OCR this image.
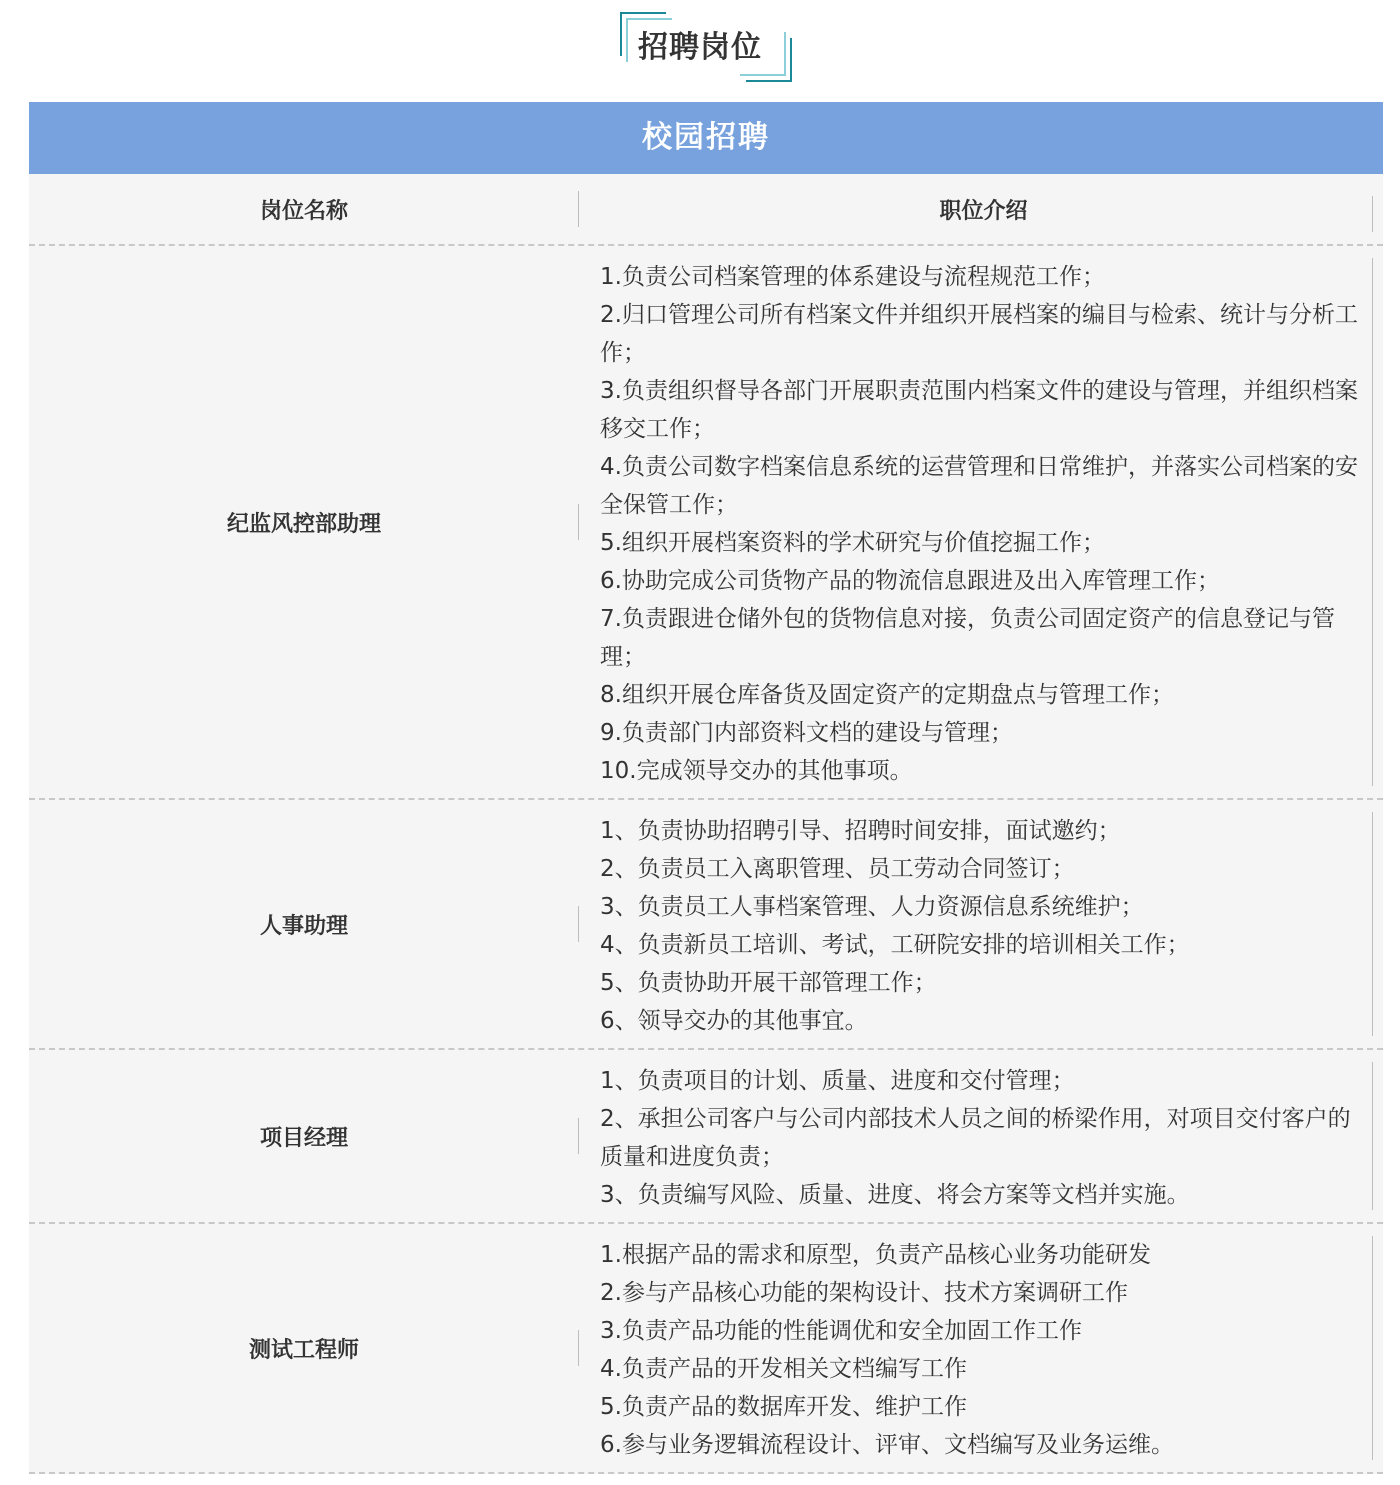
招聘岗位
校园招聘
岗位名称	职位介绍
纪监风控部助理
1.负责公司档案管理的体系建设与流程规范工作；
2.归口管理公司所有档案文件并组织开展档案的编目与检索、统计与分析工作；
3.负责组织督导各部门开展职责范围内档案文件的建设与管理，并组织档案移交工作；
4.负责公司数字档案信息系统的运营管理和日常维护，并落实公司档案的安全保管工作；
5.组织开展档案资料的学术研究与价值挖掘工作；
6.协助完成公司货物产品的物流信息跟进及出入库管理工作；
7.负责跟进仓储外包的货物信息对接，负责公司固定资产的信息登记与管理；
8.组织开展仓库备货及固定资产的定期盘点与管理工作；
9.负责部门内部资料文档的建设与管理；
10.完成领导交办的其他事项。
人事助理
1、负责协助招聘引导、招聘时间安排，面试邀约；
2、负责员工入离职管理、员工劳动合同签订；
3、负责员工人事档案管理、人力资源信息系统维护；
4、负责新员工培训、考试，工研院安排的培训相关工作；
5、负责协助开展干部管理工作；
6、领导交办的其他事宜。
项目经理
1、负责项目的计划、质量、进度和交付管理；
2、承担公司客户与公司内部技术人员之间的桥梁作用，对项目交付客户的质量和进度负责；
3、负责编写风险、质量、进度、将会方案等文档并实施。
测试工程师
1.根据产品的需求和原型，负责产品核心业务功能研发
2.参与产品核心功能的架构设计、技术方案调研工作
3.负责产品功能的性能调优和安全加固工作工作
4.负责产品的开发相关文档编写工作
5.负责产品的数据库开发、维护工作
6.参与业务逻辑流程设计、评审、文档编写及业务运维。
